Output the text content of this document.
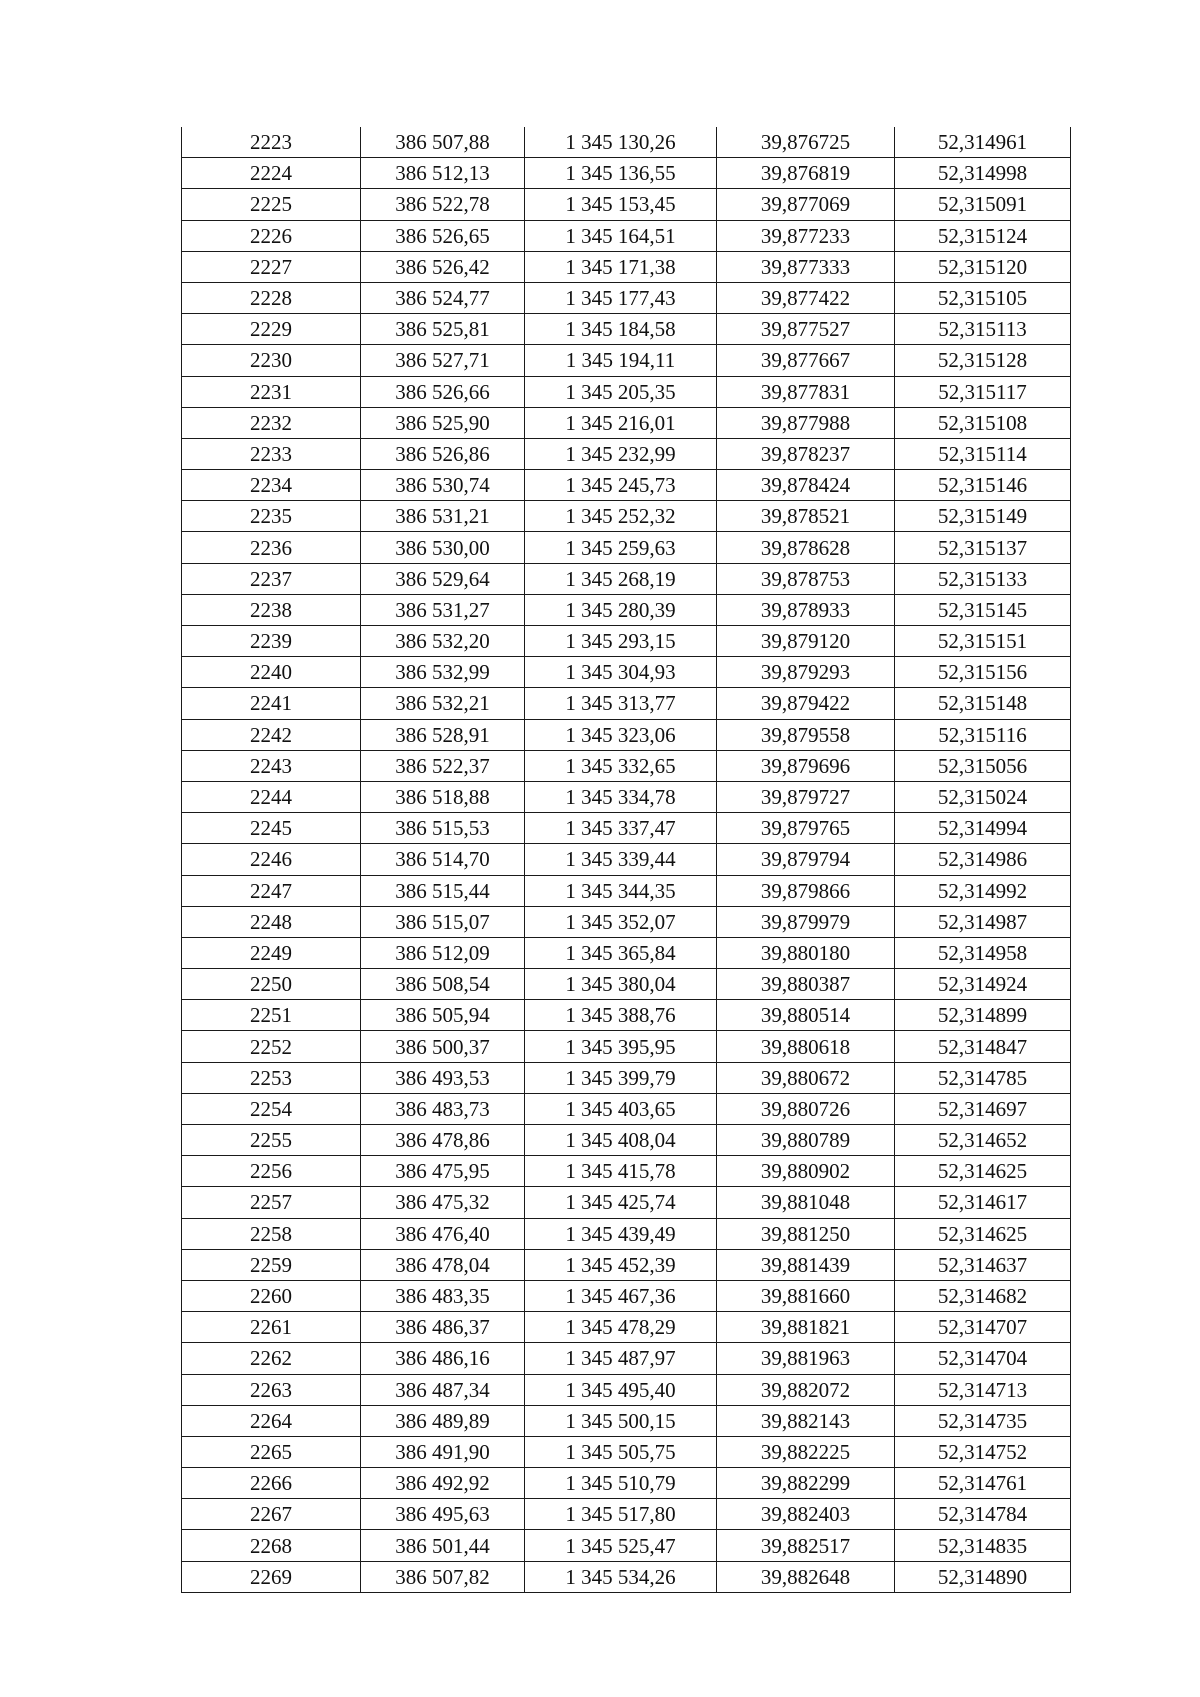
2223	386 507,88	1 345 130,26	39,876725	52,314961
2224	386 512,13	1 345 136,55	39,876819	52,314998
2225	386 522,78	1 345 153,45	39,877069	52,315091
2226	386 526,65	1 345 164,51	39,877233	52,315124
2227	386 526,42	1 345 171,38	39,877333	52,315120
2228	386 524,77	1 345 177,43	39,877422	52,315105
2229	386 525,81	1 345 184,58	39,877527	52,315113
2230	386 527,71	1 345 194,11	39,877667	52,315128
2231	386 526,66	1 345 205,35	39,877831	52,315117
2232	386 525,90	1 345 216,01	39,877988	52,315108
2233	386 526,86	1 345 232,99	39,878237	52,315114
2234	386 530,74	1 345 245,73	39,878424	52,315146
2235	386 531,21	1 345 252,32	39,878521	52,315149
2236	386 530,00	1 345 259,63	39,878628	52,315137
2237	386 529,64	1 345 268,19	39,878753	52,315133
2238	386 531,27	1 345 280,39	39,878933	52,315145
2239	386 532,20	1 345 293,15	39,879120	52,315151
2240	386 532,99	1 345 304,93	39,879293	52,315156
2241	386 532,21	1 345 313,77	39,879422	52,315148
2242	386 528,91	1 345 323,06	39,879558	52,315116
2243	386 522,37	1 345 332,65	39,879696	52,315056
2244	386 518,88	1 345 334,78	39,879727	52,315024
2245	386 515,53	1 345 337,47	39,879765	52,314994
2246	386 514,70	1 345 339,44	39,879794	52,314986
2247	386 515,44	1 345 344,35	39,879866	52,314992
2248	386 515,07	1 345 352,07	39,879979	52,314987
2249	386 512,09	1 345 365,84	39,880180	52,314958
2250	386 508,54	1 345 380,04	39,880387	52,314924
2251	386 505,94	1 345 388,76	39,880514	52,314899
2252	386 500,37	1 345 395,95	39,880618	52,314847
2253	386 493,53	1 345 399,79	39,880672	52,314785
2254	386 483,73	1 345 403,65	39,880726	52,314697
2255	386 478,86	1 345 408,04	39,880789	52,314652
2256	386 475,95	1 345 415,78	39,880902	52,314625
2257	386 475,32	1 345 425,74	39,881048	52,314617
2258	386 476,40	1 345 439,49	39,881250	52,314625
2259	386 478,04	1 345 452,39	39,881439	52,314637
2260	386 483,35	1 345 467,36	39,881660	52,314682
2261	386 486,37	1 345 478,29	39,881821	52,314707
2262	386 486,16	1 345 487,97	39,881963	52,314704
2263	386 487,34	1 345 495,40	39,882072	52,314713
2264	386 489,89	1 345 500,15	39,882143	52,314735
2265	386 491,90	1 345 505,75	39,882225	52,314752
2266	386 492,92	1 345 510,79	39,882299	52,314761
2267	386 495,63	1 345 517,80	39,882403	52,314784
2268	386 501,44	1 345 525,47	39,882517	52,314835
2269	386 507,82	1 345 534,26	39,882648	52,314890
